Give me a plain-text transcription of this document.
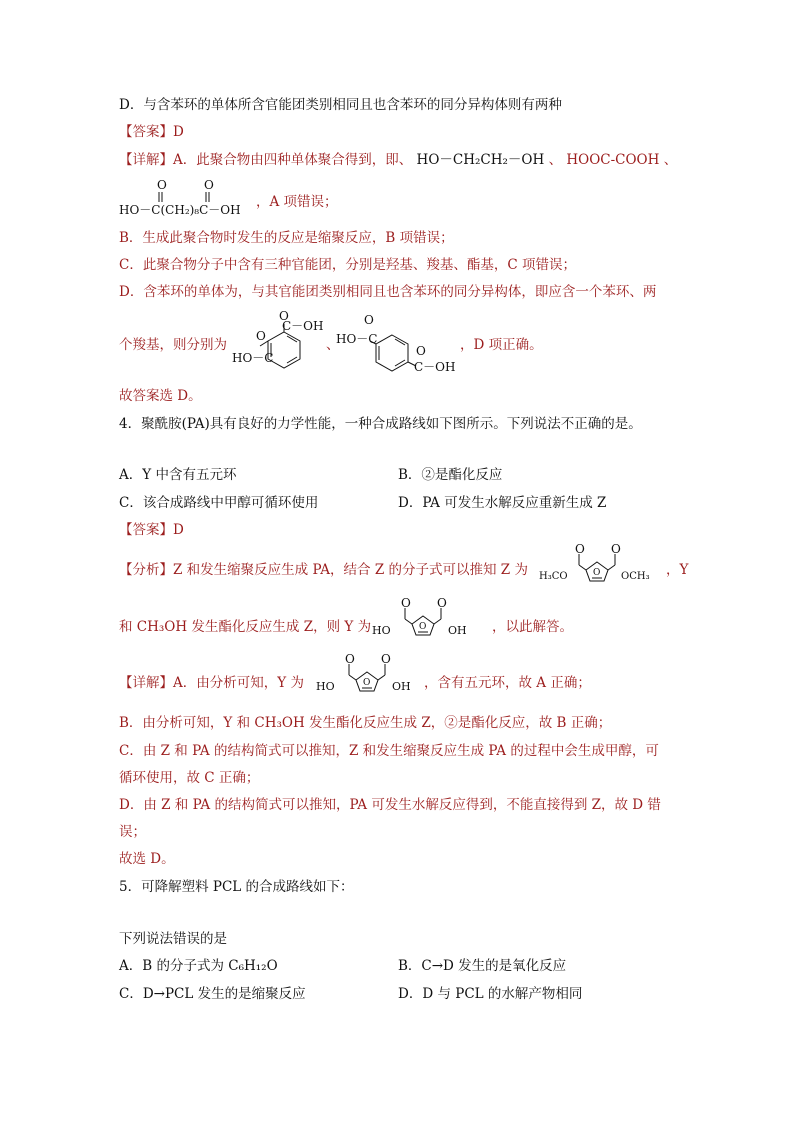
D．与含苯环的单体所含官能团类别相同且也含苯环的同分异构体则有两种
【答案】D
【详解】A．此聚合物由四种单体聚合得到，即、 HO－CH₂CH₂－OH 、 HOOC-COOH 、
O	O
HO－C(CH₂)₈C－OH ，A 项错误；
B．生成此聚合物时发生的反应是缩聚反应，B 项错误；
C．此聚合物分子中含有三种官能团，分别是羟基、羧基、酯基，C 项错误；
D．含苯环的单体为，与其官能团类别相同且也含苯环的同分异构体，即应含一个苯环、两
个羧基，则分别为
O
C－OH
O
HO－C
、
O
HO－C
O
C－OH
，D 项正确。
故答案选 D。
4．聚酰胺(PA)具有良好的力学性能，一种合成路线如下图所示。下列说法不正确的是。
A．Y 中含有五元环	B．②是酯化反应
C．该合成路线中甲醇可循环使用	D．PA 可发生水解反应重新生成 Z
【答案】D
【分析】Z 和发生缩聚反应生成 PA，结合 Z 的分子式可以推知 Z 为
O
O
O
H₃CO	OCH₃ ，Y
和 CH₃OH 发生酯化反应生成 Z，则 Y 为
O
O
O
HO	OH ，以此解答。
【详解】A．由分析可知，Y 为
O
O
O
HO	OH ，含有五元环，故 A 正确；
B．由分析可知，Y 和 CH₃OH 发生酯化反应生成 Z，②是酯化反应，故 B 正确；
C．由 Z 和 PA 的结构简式可以推知，Z 和发生缩聚反应生成 PA 的过程中会生成甲醇，可
循环使用，故 C 正确；
D．由 Z 和 PA 的结构简式可以推知，PA 可发生水解反应得到，不能直接得到 Z，故 D 错
误；
故选 D。
5．可降解塑料 PCL 的合成路线如下：
下列说法错误的是
A．B 的分子式为 C₆H₁₂O	B．C→D 发生的是氧化反应
C．D→PCL 发生的是缩聚反应	D．D 与 PCL 的水解产物相同
